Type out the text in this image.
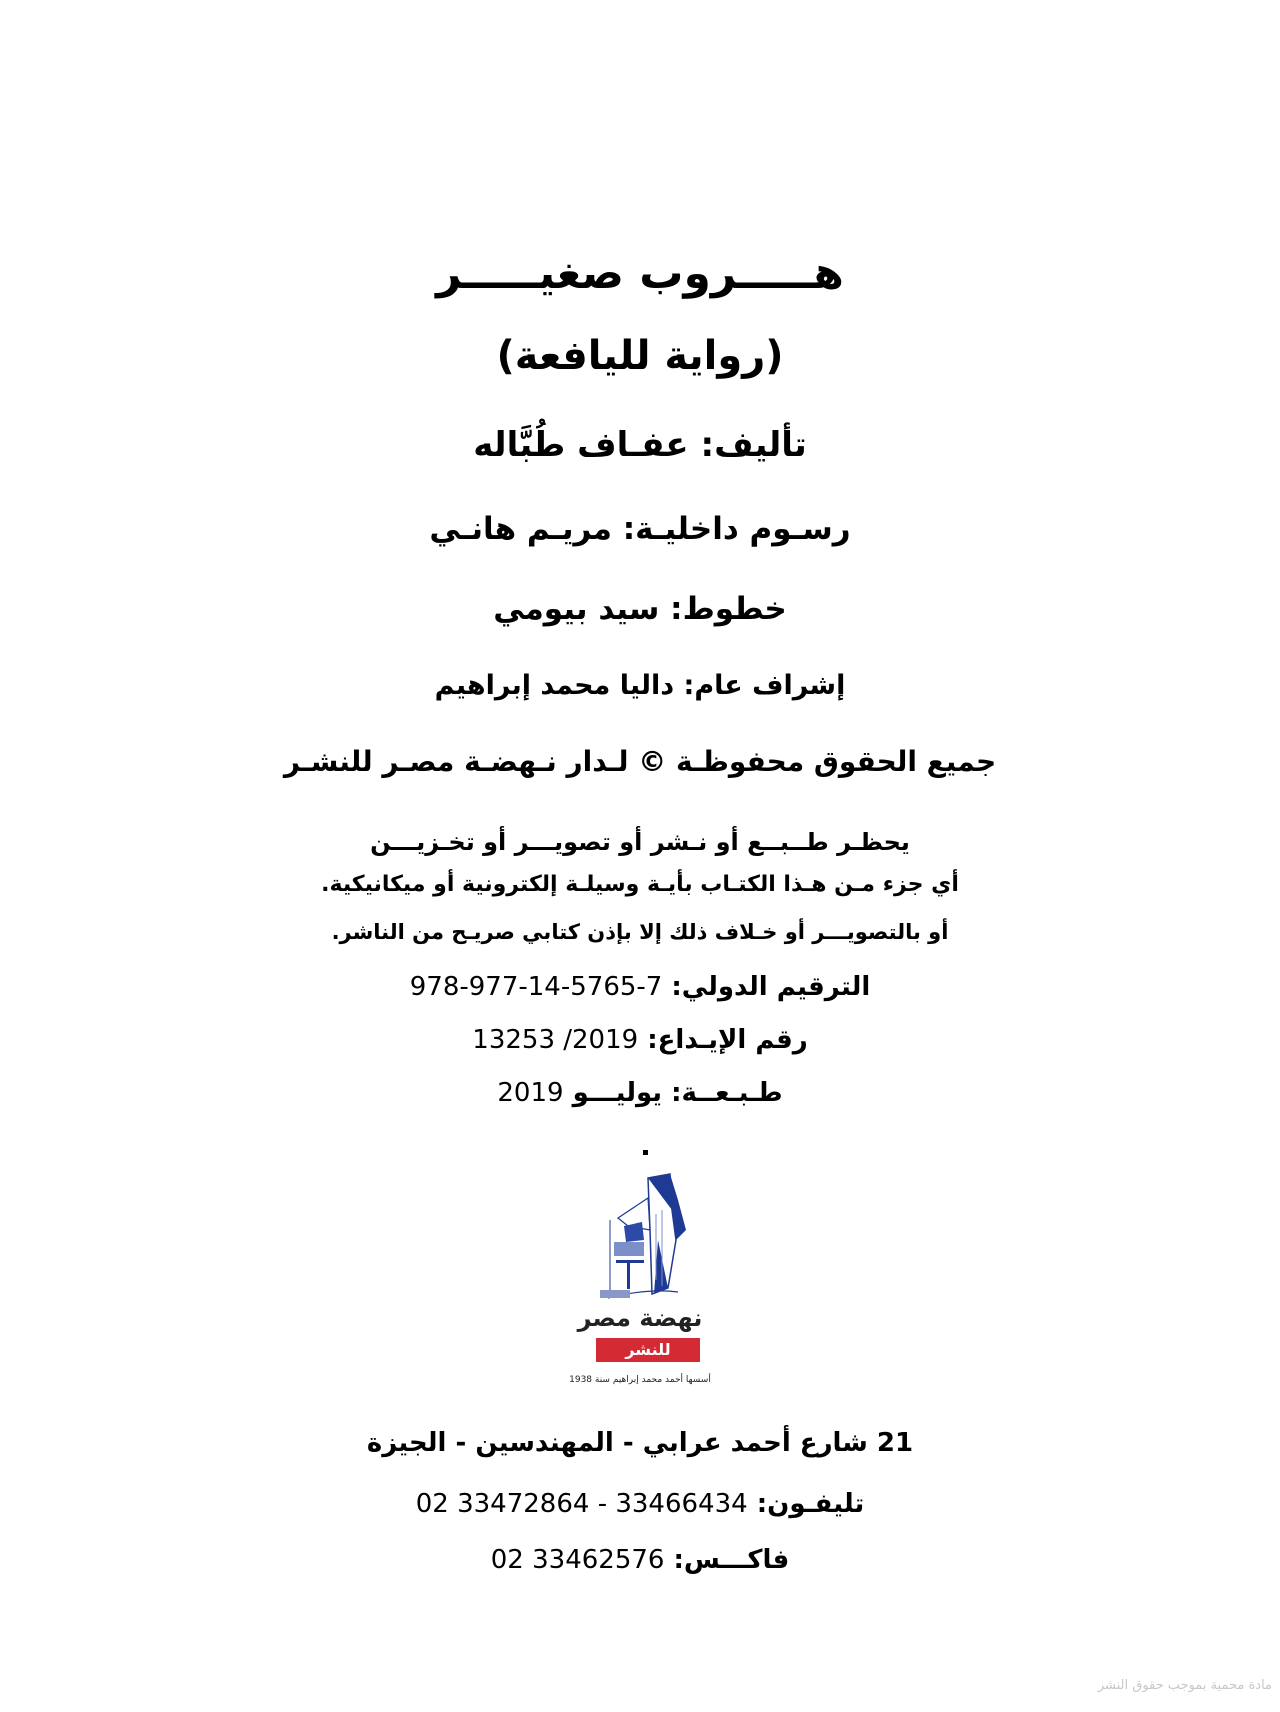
هـــــروب صغيـــــر
(رواية لليافعة)
تأليف: عفـاف طُبَّاله
رسـوم داخليـة: مريـم هانـي
خطوط: سيد بيومي
إشراف عام: داليا محمد إبراهيم
جميع الحقوق محفوظـة © لـدار نـهضـة مصـر للنشـر
يحظـر طــبــع أو نـشر أو تصويـــر أو تخـزيـــن
أي جزء مـن هـذا الكتـاب بأيـة وسيلـة إلكترونية أو ميكانيكية.
أو بالتصويـــر أو خـلاف ذلك إلا بإذن كتابي صريـح من الناشر.
الترقيم الدولي: 978-977-14-5765-7
رقم الإيـداع: 13253 /2019
طـبـعــة: يوليـــو 2019
نهضة مصر
للنشر
أسسها أحمد محمد إبراهيم سنة 1938
21 شارع أحمد عرابي - المهندسين - الجيزة
تليفـون: 02 33472864 - 33466434
فاكـــس: 02 33462576
مادة محمية بموجب حقوق النشر
